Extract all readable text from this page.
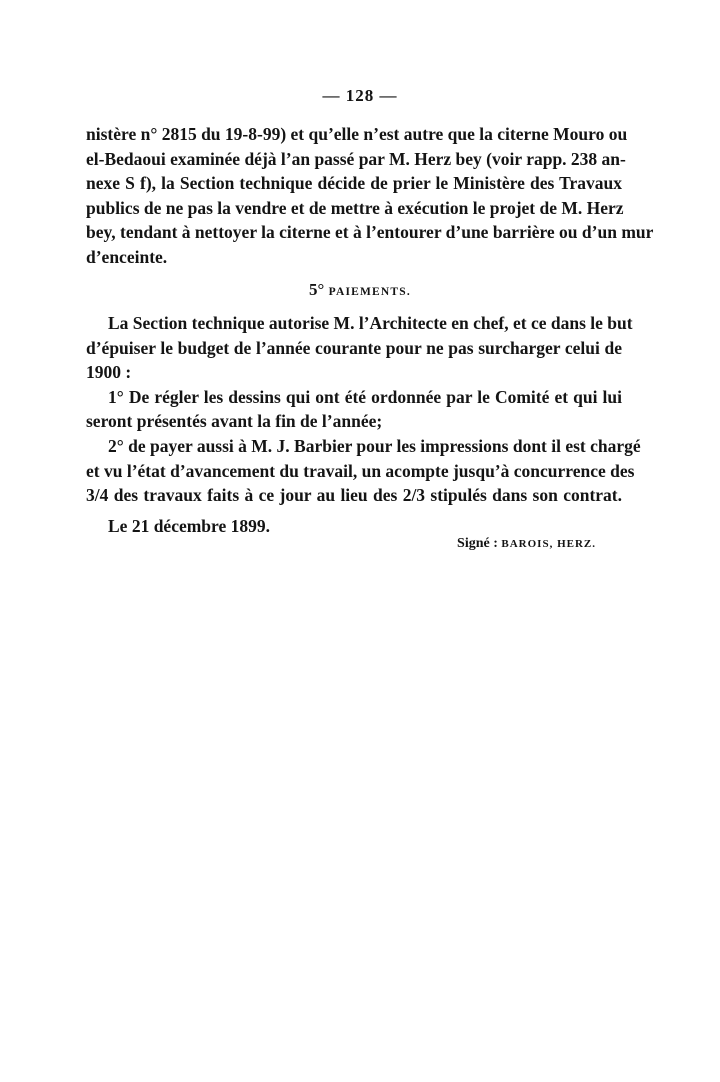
— 128 —
nistère n° 2815 du 19-8-99) et qu’elle n’est autre que la citerne Mouro ou
el-Bedaoui examinée déjà l’an passé par M. Herz bey (voir rapp. 238 an-
nexe S f), la Section technique décide de prier le Ministère des Travaux
publics de ne pas la vendre et de mettre à exécution le projet de M. Herz
bey, tendant à nettoyer la citerne et à l’entourer d’une barrière ou d’un mur
d’enceinte.
5° PAIEMENTS.
La Section technique autorise M. l’Architecte en chef, et ce dans le but
d’épuiser le budget de l’année courante pour ne pas surcharger celui de
1900 :
1° De régler les dessins qui ont été ordonnée par le Comité et qui lui
seront présentés avant la fin de l’année;
2° de payer aussi à M. J. Barbier pour les impressions dont il est chargé
et vu l’état d’avancement du travail, un acompte jusqu’à concurrence des
3/4 des travaux faits à ce jour au lieu des 2/3 stipulés dans son contrat.
Le 21 décembre 1899.
Signé : BAROIS, HERZ.
